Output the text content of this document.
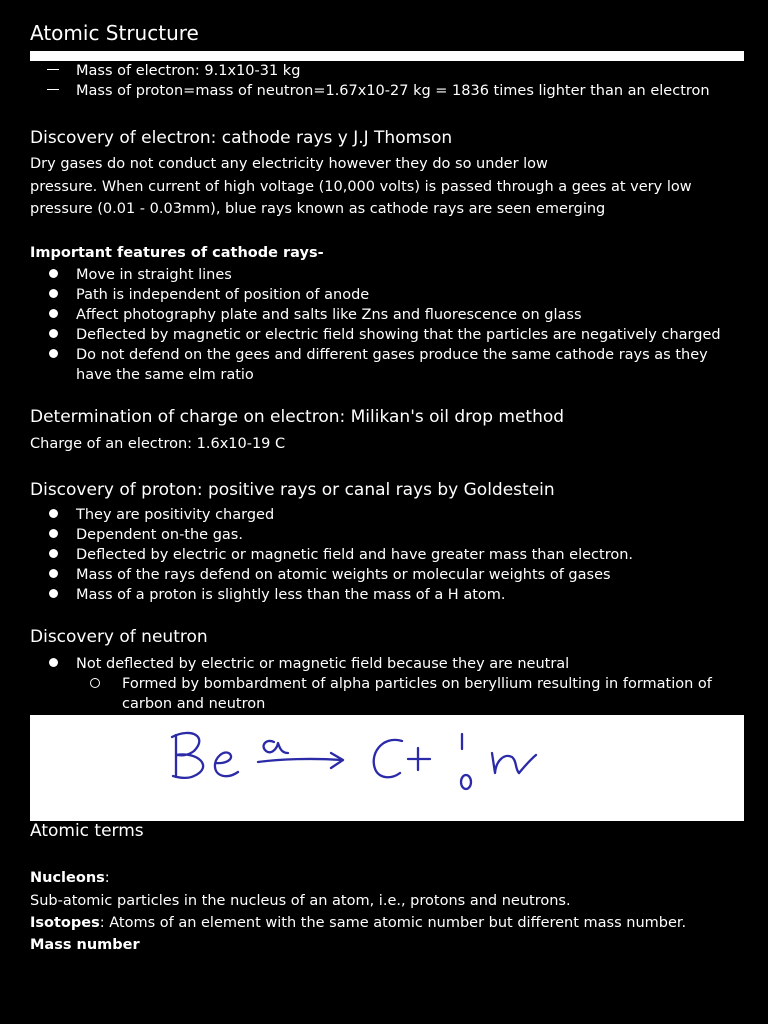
Atomic Structure
Mass of electron: 9.1x10-31 kg
Mass of proton=mass of neutron=1.67x10-27 kg = 1836 times lighter than an electron
Discovery of electron: cathode rays y J.J Thomson
Dry gases do not conduct any electricity however they do so under low
pressure. When current of high voltage (10,000 volts) is passed through a gees at very low
pressure (0.01 - 0.03mm), blue rays known as cathode rays are seen emerging
Important features of cathode rays-
Move in straight lines
Path is independent of position of anode
Affect photography plate and salts like Zns and fluorescence on glass
Deflected by magnetic or electric field showing that the particles are negatively charged
Do not defend on the gees and different gases produce the same cathode rays as they
have the same elm ratio
Determination of charge on electron: Milikan's oil drop method
Charge of an electron: 1.6x10-19 C
Discovery of proton: positive rays or canal rays by Goldestein
They are positivity charged
Dependent on-the gas.
Deflected by electric or magnetic field and have greater mass than electron.
Mass of the rays defend on atomic weights or molecular weights of gases
Mass of a proton is slightly less than the mass of a H atom.
Discovery of neutron
Not deflected by electric or magnetic field because they are neutral
Formed by bombardment of alpha particles on beryllium resulting in formation of
carbon and neutron
Atomic terms
Nucleons:
Sub-atomic particles in the nucleus of an atom, i.e., protons and neutrons.
Isotopes: Atoms of an element with the same atomic number but different mass number.
Mass number
